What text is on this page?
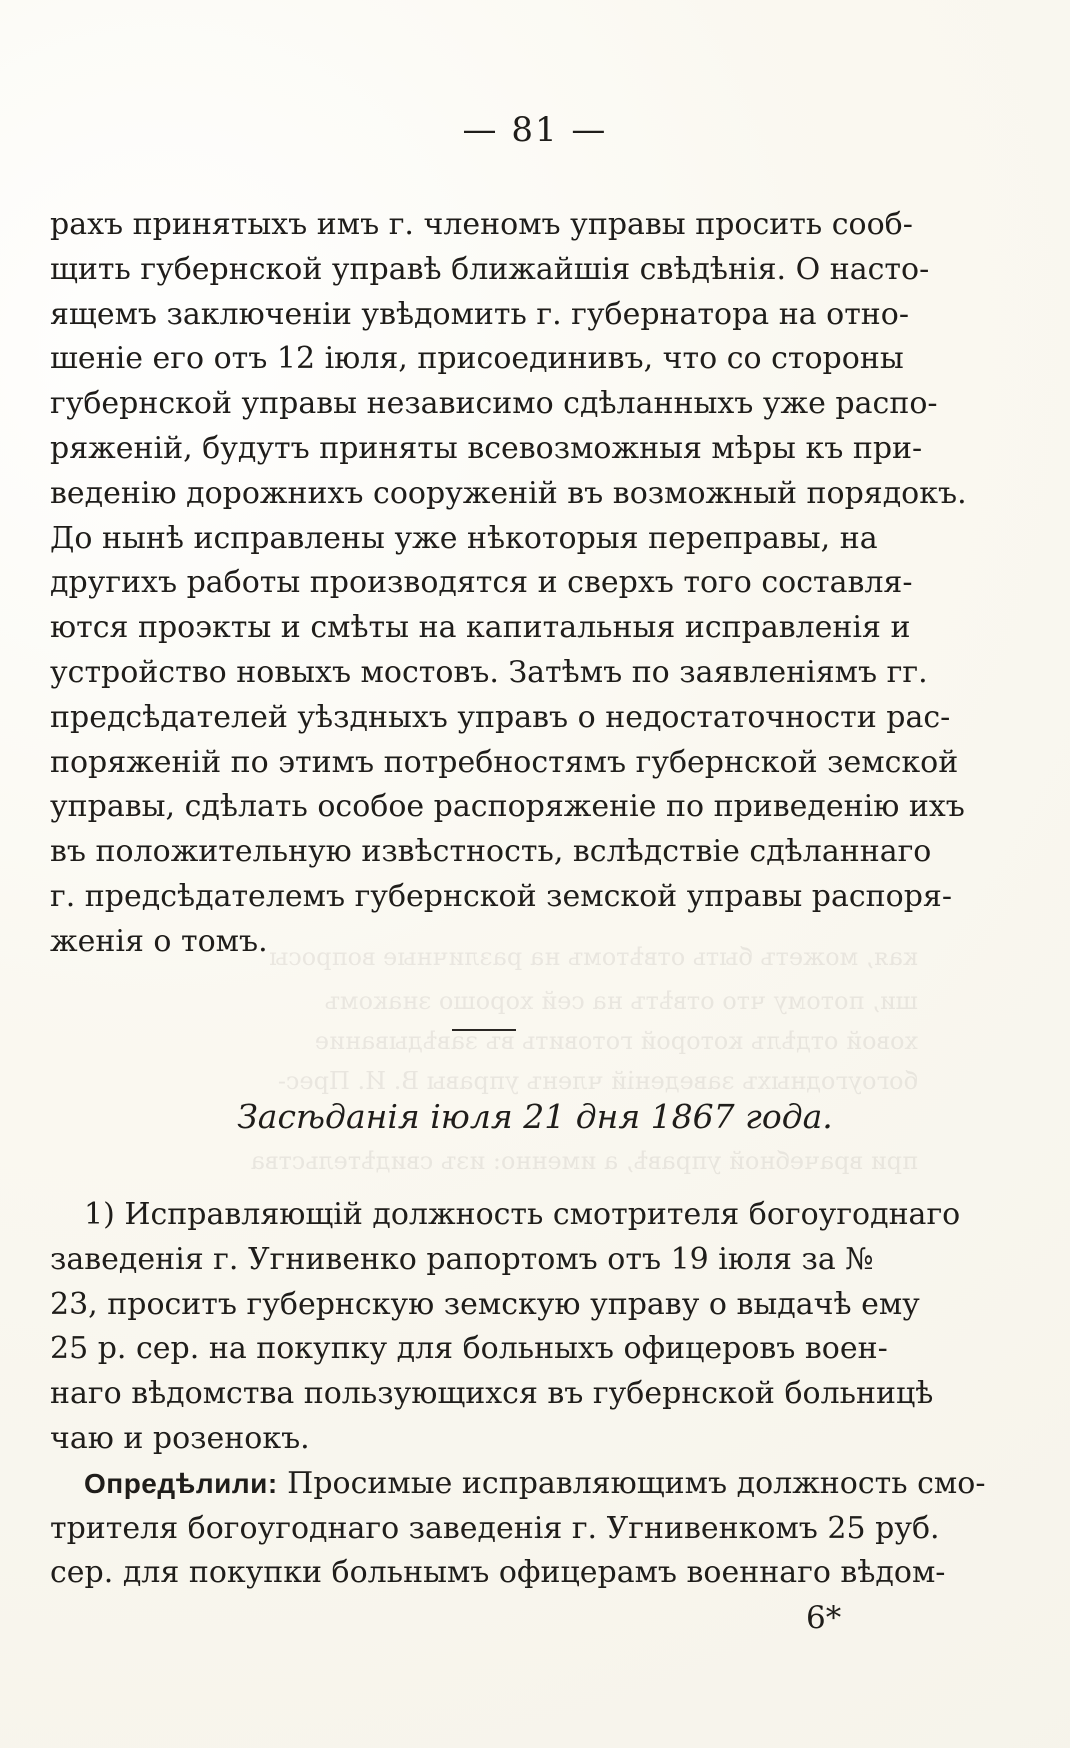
— 81 —
рахъ принятыхъ имъ г. членомъ управы просить сооб-
щить губернской управѣ ближайшія свѣдѣнія. О насто-
ящемъ заключеніи увѣдомить г. губернатора на отно-
шеніе его отъ 12 іюля, присоединивъ, что со стороны
губернской управы независимо сдѣланныхъ уже распо-
ряженій, будутъ приняты всевозможныя мѣры къ при-
веденію дорожнихъ сооруженій въ возможный порядокъ.
До нынѣ исправлены уже нѣкоторыя переправы, на
другихъ работы производятся и сверхъ того составля-
ются проэкты и смѣты на капитальныя исправленія и
устройство новыхъ мостовъ. Затѣмъ по заявленіямъ гг.
предсѣдателей уѣздныхъ управъ о недостаточности рас-
поряженій по этимъ потребностямъ губернской земской
управы, сдѣлать особое распоряженіе по приведенію ихъ
въ положительную извѣстность, вслѣдствіе сдѣланнаго
г. предсѣдателемъ губернской земской управы распоря-
женія о томъ. кая, можетъ быть отвѣтомъ на различные вопросы
ши, потому что отвѣтъ на сей хорошо знакомъ
ховой отдѣлъ которой готовить въ завѣдывание
богоугодныхъ заведеній членъ управы В. И. Прес-
при врачебной управѣ, а именно: изъ свидѣтельства
Засѣданія іюля 21 дня 1867 года.
1) Исправляющій должность смотрителя богоугоднаго
заведенія г. Угнивенко рапортомъ отъ 19 іюля за №
23, проситъ губернскую земскую управу о выдачѣ ему
25 р. сер. на покупку для больныхъ офицеровъ воен-
наго вѣдомства пользующихся въ губернской больницѣ
чаю и розенокъ.
Опредѣлили: Просимые исправляющимъ должность смо-
трителя богоугоднаго заведенія г. Угнивенкомъ 25 руб.
сер. для покупки больнымъ офицерамъ военнаго вѣдом-
6*
